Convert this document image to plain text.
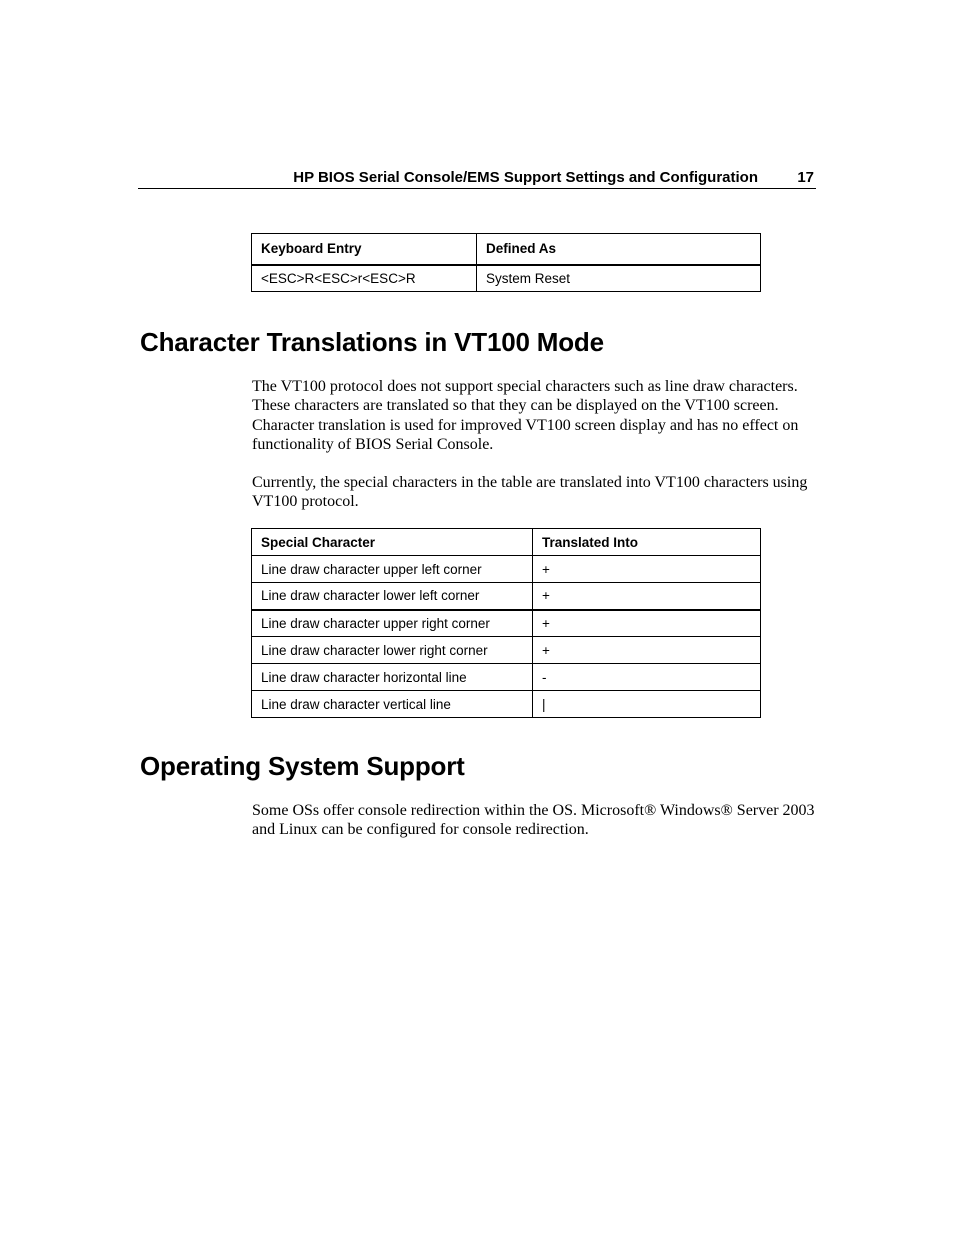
HP BIOS Serial Console/EMS Support Settings and Configuration	17
Keyboard Entry	Defined As
<ESC>R<ESC>r<ESC>R	System Reset
Character Translations in VT100 Mode

The VT100 protocol does not support special characters such as line draw characters. These characters are translated so that they can be displayed on the VT100 screen. Character translation is used for improved VT100 screen display and has no effect on functionality of BIOS Serial Console.

Currently, the special characters in the table are translated into VT100 characters using VT100 protocol.

Special Character	Translated Into
Line draw character upper left corner	+
Line draw character lower left corner	+
Line draw character upper right corner	+
Line draw character lower right corner	+
Line draw character horizontal line	-
Line draw character vertical line	|
Operating System Support

Some OSs offer console redirection within the OS. Microsoft® Windows® Server 2003 and Linux can be configured for console redirection.
